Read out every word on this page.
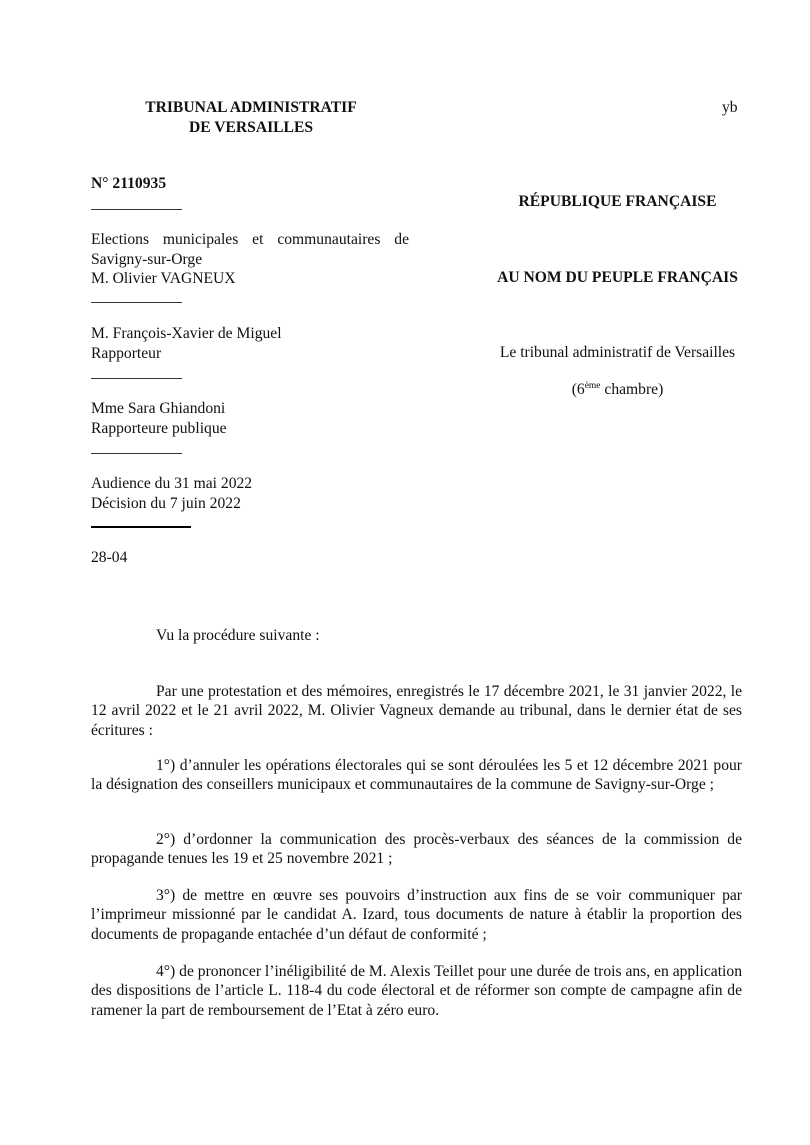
TRIBUNAL ADMINISTRATIF
DE VERSAILLES
yb
N° 2110935
RÉPUBLIQUE FRANÇAISE
AU NOM DU PEUPLE FRANÇAIS
Le tribunal administratif de Versailles
(6ème chambre)
Elections municipales et communautaires de
Savigny-sur-Orge
M. Olivier VAGNEUX
M. François-Xavier de Miguel
Rapporteur
Mme Sara Ghiandoni
Rapporteure publique
Audience du 31 mai 2022
Décision du 7 juin 2022
28-04
Vu la procédure suivante :

Par une protestation et des mémoires, enregistrés le 17 décembre 2021, le 31 janvier 2022, le 12 avril 2022 et le 21 avril 2022, M. Olivier Vagneux demande au tribunal, dans le dernier état de ses écritures :

1°) d’annuler les opérations électorales qui se sont déroulées les 5 et 12 décembre 2021 pour la désignation des conseillers municipaux et communautaires de la commune de Savigny-sur-Orge ;

2°) d’ordonner la communication des procès-verbaux des séances de la commission de propagande tenues les 19 et 25 novembre 2021 ;

3°) de mettre en œuvre ses pouvoirs d’instruction aux fins de se voir communiquer par l’imprimeur missionné par le candidat A. Izard, tous documents de nature à établir la proportion des documents de propagande entachée d’un défaut de conformité ;

4°) de prononcer l’inéligibilité de M. Alexis Teillet pour une durée de trois ans, en application des dispositions de l’article L. 118-4 du code électoral et de réformer son compte de campagne afin de ramener la part de remboursement de l’Etat à zéro euro.
